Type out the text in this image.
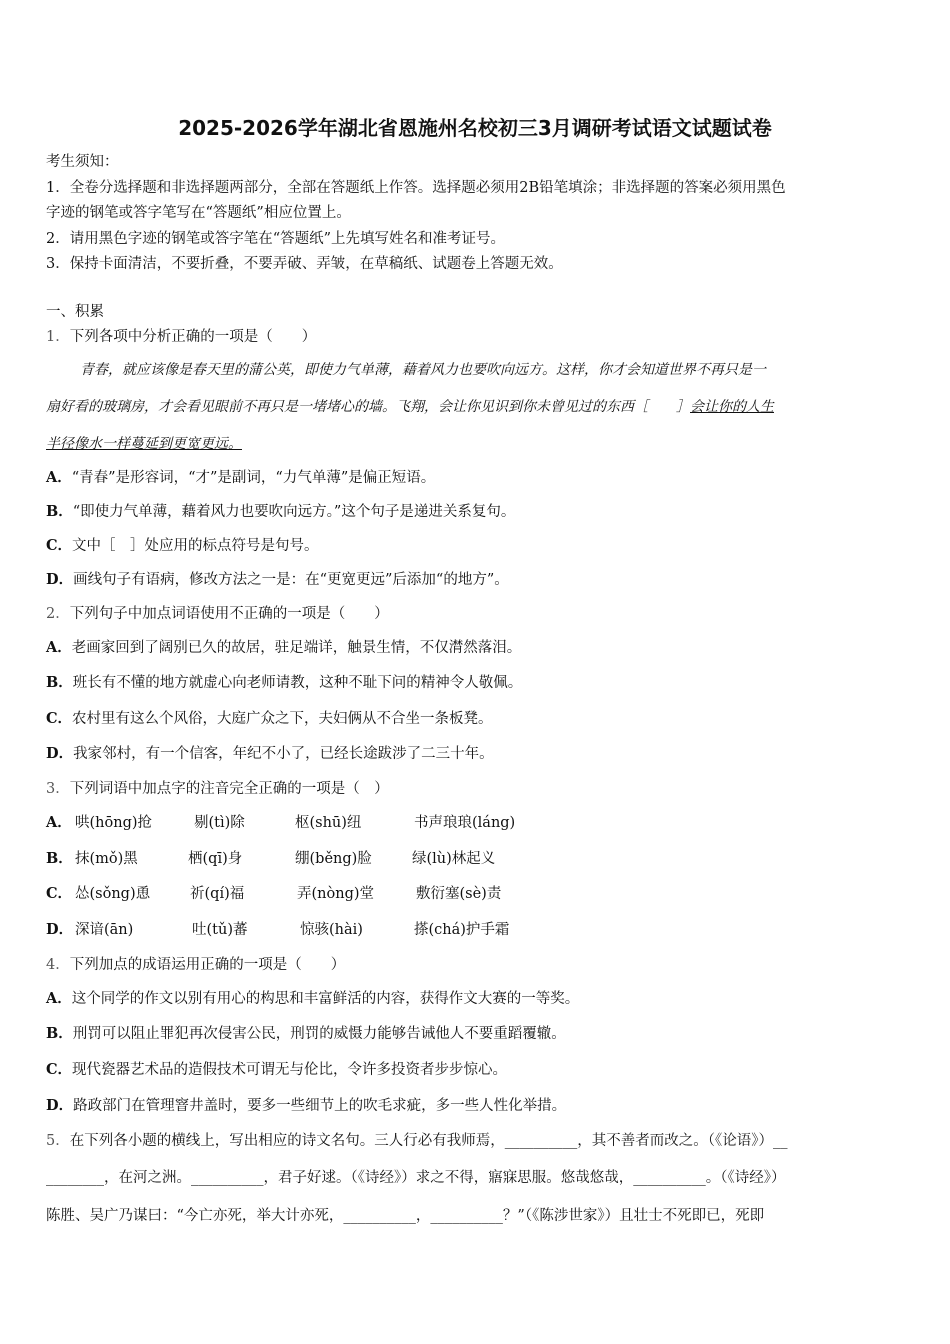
2025-2026学年湖北省恩施州名校初三3月调研考试语文试题试卷
考生须知：
1．全卷分选择题和非选择题两部分，全部在答题纸上作答。选择题必须用2B铅笔填涂；非选择题的答案必须用黑色
字迹的钢笔或答字笔写在“答题纸”相应位置上。
2．请用黑色字迹的钢笔或答字笔在“答题纸”上先填写姓名和准考证号。
3．保持卡面清洁，不要折叠，不要弄破、弄皱，在草稿纸、试题卷上答题无效。
一、积累
1．下列各项中分析正确的一项是（　　）
青春，就应该像是春天里的蒲公英，即使力气单薄，藉着风力也要吹向远方。这样，你才会知道世界不再只是一
扇好看的玻璃房，才会看见眼前不再只是一堵堵心的墙。飞翔，会让你见识到你未曾见过的东西［　　］会让你的人生
半径像水一样蔓延到更宽更远。
A．“青春”是形容词，“才”是副词，“力气单薄”是偏正短语。
B．“即使力气单薄，藉着风力也要吹向远方。”这个句子是递进关系复句。
C．文中［　］处应用的标点符号是句号。
D．画线句子有语病，修改方法之一是：在“更宽更远”后添加“的地方”。
2．下列句子中加点词语使用不正确的一项是（　　）
A．老画家回到了阔别已久的故居，驻足端详，触景生情，不仅潸然落泪。
B．班长有不懂的地方就虚心向老师请教，这种不耻下问的精神令人敬佩。
C．农村里有这么个风俗，大庭广众之下，夫妇俩从不合坐一条板凳。
D．我家邻村，有一个信客，年纪不小了，已经长途跋涉了二三十年。
3．下列词语中加点字的注音完全正确的一项是（　）
A． 哄(hōng)抢	剔(tì)除	枢(shū)纽	书声琅琅(láng)
B． 抹(mǒ)黑	栖(qī)身	绷(běng)脸	绿(lù)林起义
C． 怂(sǒng)恿	祈(qí)福	弄(nòng)堂	敷衍塞(sè)责
D． 深谙(ān)	吐(tǔ)蕃	惊骇(hài)	搽(chá)护手霜
4．下列加点的成语运用正确的一项是（　　）
A．这个同学的作文以别有用心的构思和丰富鲜活的内容，获得作文大赛的一等奖。
B．刑罚可以阻止罪犯再次侵害公民，刑罚的威慑力能够告诫他人不要重蹈覆辙。
C．现代瓷器艺术品的造假技术可谓无与伦比，令许多投资者步步惊心。
D．路政部门在管理窨井盖时，要多一些细节上的吹毛求疵，多一些人性化举措。
5．在下列各小题的横线上，写出相应的诗文名句。三人行必有我师焉，__________，其不善者而改之。（《论语》）__
________，在河之洲。__________，君子好逑。（《诗经》）求之不得，寤寐思服。悠哉悠哉，__________。（《诗经》）
陈胜、吴广乃谋曰：“今亡亦死，举大计亦死，__________，__________？”（《陈涉世家》）且壮士不死即已，死即
